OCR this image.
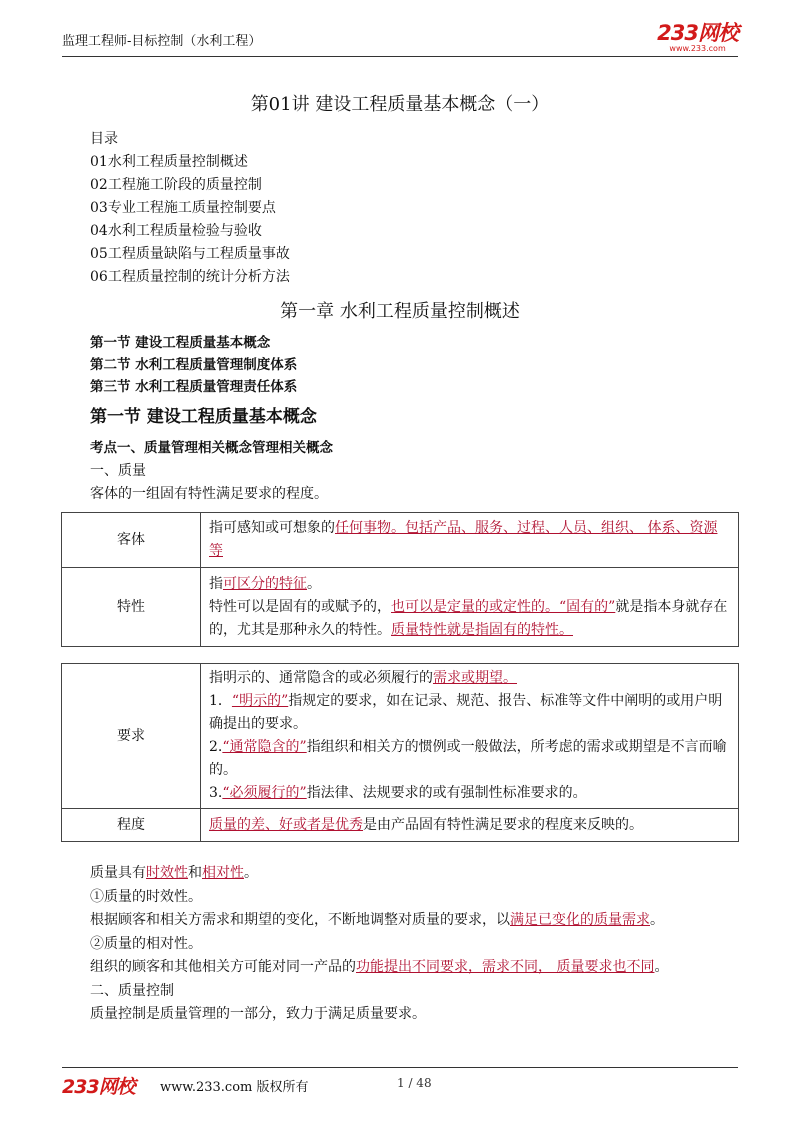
监理工程师-目标控制（水利工程）	233网校
www.233.com
第01讲 建设工程质量基本概念（一）
目录
01水利工程质量控制概述
02工程施工阶段的质量控制
03专业工程施工质量控制要点
04水利工程质量检验与验收
05工程质量缺陷与工程质量事故
06工程质量控制的统计分析方法
第一章 水利工程质量控制概述
第一节 建设工程质量基本概念
第二节 水利工程质量管理制度体系
第三节 水利工程质量管理责任体系
第一节 建设工程质量基本概念
考点一、质量管理相关概念管理相关概念
一、质量
客体的一组固有特性满足要求的程度。
客体	指可感知或可想象的任何事物。包括产品、服务、过程、人员、组织、 体系、资源等
特性	指可区分的特征。
特性可以是固有的或赋予的，也可以是定量的或定性的。“固有的”就是指本身就存在的，尤其是那种永久的特性。质量特性就是指固有的特性。
要求	指明示的、通常隐含的或必须履行的需求或期望。
1．“明示的”指规定的要求，如在记录、规范、报告、标准等文件中阐明的或用户明确提出的要求。
2.“通常隐含的”指组织和相关方的惯例或一般做法，所考虑的需求或期望是不言而喻的。
3.“必须履行的”指法律、法规要求的或有强制性标准要求的。
程度	质量的差、好或者是优秀是由产品固有特性满足要求的程度来反映的。
质量具有时效性和相对性。
①质量的时效性。
根据顾客和相关方需求和期望的变化，不断地调整对质量的要求，以满足已变化的质量需求。
②质量的相对性。
组织的顾客和其他相关方可能对同一产品的功能提出不同要求，需求不同， 质量要求也不同。
二、质量控制
质量控制是质量管理的一部分，致力于满足质量要求。
233网校 www.233.com 版权所有	1 / 48
